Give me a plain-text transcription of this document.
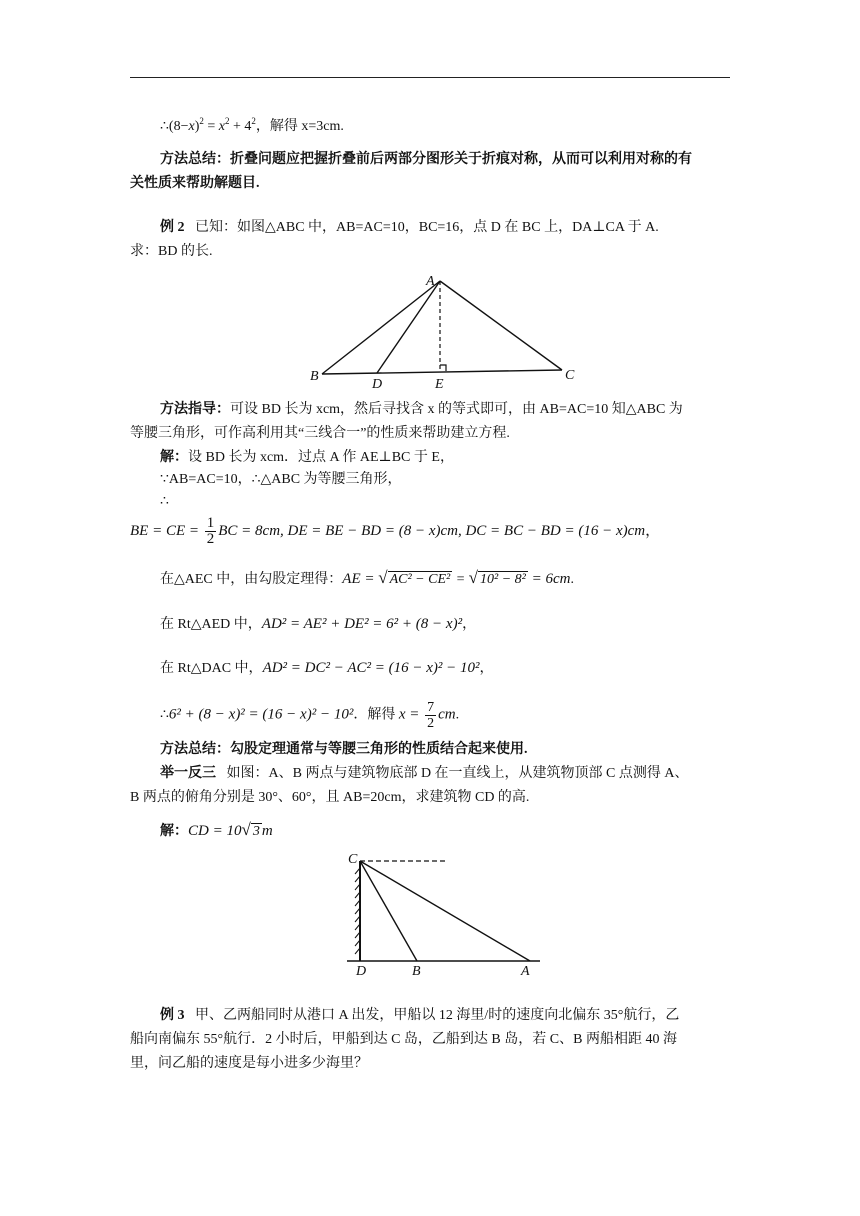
$\therefore(8-x)^2 = x^2 + 4^2$，解得 x=3cm.
方法总结：折叠问题应把握折叠前后两部分图形关于折痕对称，从而可以利用对称的有
关性质来帮助解题目.
例 2 已知：如图△ABC 中，AB=AC=10，BC=16，点 D 在 BC 上，DA⊥CA 于 A.
求：BD 的长.
A
B	C
D	E
方法指导：可设 BD 长为 xcm，然后寻找含 x 的等式即可，由 AB=AC=10 知△ABC 为
等腰三角形，可作高利用其“三线合一”的性质来帮助建立方程.
解：设 BD 长为 xcm．过点 A 作 AE⊥BC 于 E，
∵AB=AC=10，∴△ABC 为等腰三角形，
∴
BE = CE = $\frac{1}{2}$ BC = 8cm, DE = BE − BD = (8 − x)cm, DC = BC − BD = (16 − x)cm，
在△AEC 中，由勾股定理得：AE = √ AC² − CE² = √ 10² − 8² = 6cm.
在 Rt△AED 中，AD² = AE² + DE² = 6² + (8 − x)²，
在 Rt△DAC 中，AD² = DC² − AC² = (16 − x)² − 10²，
∴6² + (8 − x)² = (16 − x)² − 10²．解得 $x = \frac{7}{2}$ cm.
方法总结：勾股定理通常与等腰三角形的性质结合起来使用.
举一反三 如图：A、B 两点与建筑物底部 D 在一直线上，从建筑物顶部 C 点测得 A、
B 两点的俯角分别是 30°、60°，且 AB=20cm，求建筑物 CD 的高.
解：CD = 10√ 3 m
C
D	B	A
例 3 甲、乙两船同时从港口 A 出发，甲船以 12 海里/时的速度向北偏东 35°航行，乙
船向南偏东 55°航行．2 小时后，甲船到达 C 岛，乙船到达 B 岛，若 C、B 两船相距 40 海
里，问乙船的速度是每小进多少海里？
